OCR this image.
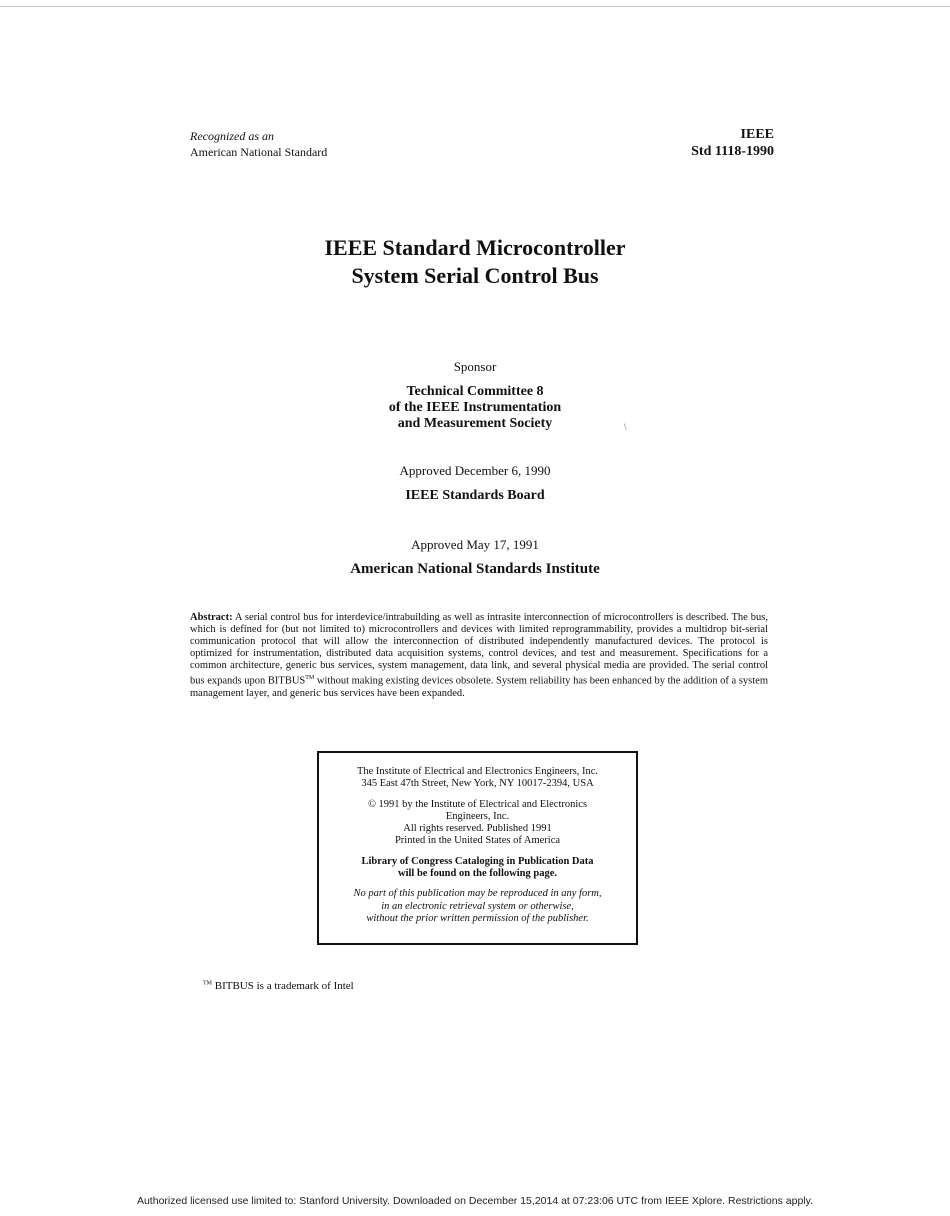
Recognized as an
American National Standard
IEEE
Std 1118-1990
IEEE Standard Microcontroller
System Serial Control Bus
Sponsor
Technical Committee 8
of the IEEE Instrumentation
and Measurement Society	\
Approved December 6, 1990
IEEE Standards Board
Approved May 17, 1991
American National Standards Institute
Abstract: A serial control bus for interdevice/intrabuilding as well as intrasite interconnection of microcontrollers is described. The bus, which is defined for (but not limited to) microcontrollers and devices with limited reprogrammability, provides a multidrop bit-serial communication protocol that will allow the interconnection of distributed independently manufactured devices. The protocol is optimized for instrumentation, distributed data acquisition systems, control devices, and test and measurement. Specifications for a common architecture, generic bus services, system management, data link, and several physical media are provided. The serial control bus expands upon BITBUS™ without making existing devices obsolete. System reliability has been enhanced by the addition of a system management layer, and generic bus services have been expanded.
The Institute of Electrical and Electronics Engineers, Inc.
345 East 47th Street, New York, NY 10017-2394, USA
© 1991 by the Institute of Electrical and Electronics
Engineers, Inc.
All rights reserved. Published 1991
Printed in the United States of America
Library of Congress Cataloging in Publication Data
will be found on the following page.
No part of this publication may be reproduced in any form,
in an electronic retrieval system or otherwise,
without the prior written permission of the publisher.
™ BITBUS is a trademark of Intel
Authorized licensed use limited to: Stanford University. Downloaded on December 15,2014 at 07:23:06 UTC from IEEE Xplore. Restrictions apply.
